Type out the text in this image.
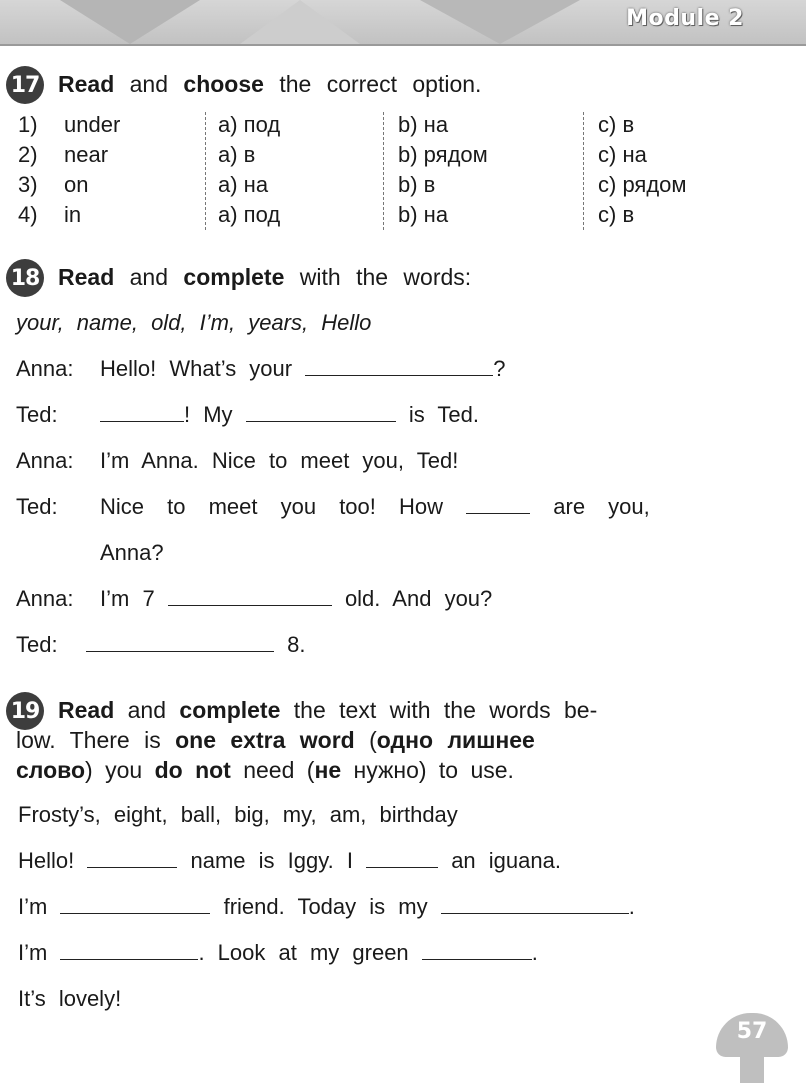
Module 2
17 Read and choose the correct option.
1) under	a) под	b) на	c) в
2) near	a) в	b) рядом	c) на
3) on	a) на	b) в	c) рядом
4) in	a) под	b) на	c) в
18 Read and complete with the words:
your, name, old, I’m, years, Hello
Anna: Hello! What’s your	?
Ted:	! My	is Ted.
Anna: I’m Anna. Nice to meet you, Ted!
Ted: Nice to meet you too! How	are you,
Anna?
Anna: I’m 7	old. And you?
Ted:	8.
19 Read and complete the text with the words be-
low. There is one extra word (одно лишнее
слово) you do not need (не нужно) to use.
Frosty’s, eight, ball, big, my, am, birthday
Hello!	name is Iggy. I	an iguana.
I’m	friend. Today is my	.
I’m	. Look at my green	.
It’s lovely!
57
